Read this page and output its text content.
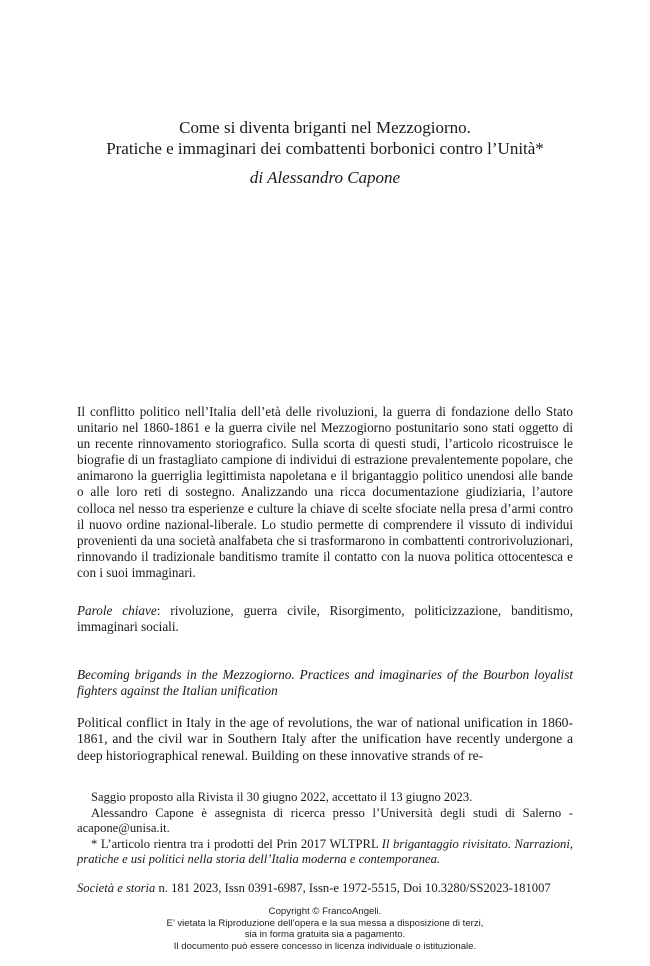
Come si diventa briganti nel Mezzogiorno.
Pratiche e immaginari dei combattenti borbonici contro l’Unità*

di Alessandro Capone

Il conflitto politico nell’Italia dell’età delle rivoluzioni, la guerra di fondazione dello Stato unitario nel 1860-1861 e la guerra civile nel Mezzogiorno postunitario sono stati oggetto di un recente rinnovamento storiografico. Sulla scorta di questi studi, l’articolo ricostruisce le biografie di un frastagliato campione di individui di estrazione prevalentemente popolare, che animarono la guerriglia legittimista napoletana e il brigantaggio politico unendosi alle bande o alle loro reti di sostegno. Analizzando una ricca documentazione giudiziaria, l’autore colloca nel nesso tra esperienze e culture la chiave di scelte sfociate nella presa d’armi contro il nuovo ordine nazional-liberale. Lo studio permette di comprendere il vissuto di individui provenienti da una società analfabeta che si trasformarono in combattenti controrivoluzionari, rinnovando il tradizionale banditismo tramite il contatto con la nuova politica ottocentesca e con i suoi immaginari.

Parole chiave: rivoluzione, guerra civile, Risorgimento, politicizzazione, banditismo, immaginari sociali.

Becoming brigands in the Mezzogiorno. Practices and imaginaries of the Bourbon loyalist fighters against the Italian unification

Political conflict in Italy in the age of revolutions, the war of national unification in 1860-1861, and the civil war in Southern Italy after the unification have recently undergone a deep historiographical renewal. Building on these innovative strands of re-

Saggio proposto alla Rivista il 30 giugno 2022, accettato il 13 giugno 2023.

Alessandro Capone è assegnista di ricerca presso l’Università degli studi di Salerno - acapone@unisa.it.

* L’articolo rientra tra i prodotti del Prin 2017 WLTPRL Il brigantaggio rivisitato. Narrazioni, pratiche e usi politici nella storia dell’Italia moderna e contemporanea.

Società e storia n. 181 2023, Issn 0391-6987, Issn-e 1972-5515, Doi 10.3280/SS2023-181007

Copyright © FrancoAngeli.
E’ vietata la Riproduzione dell’opera e la sua messa a disposizione di terzi,
sia in forma gratuita sia a pagamento.
Il documento può essere concesso in licenza individuale o istituzionale.
